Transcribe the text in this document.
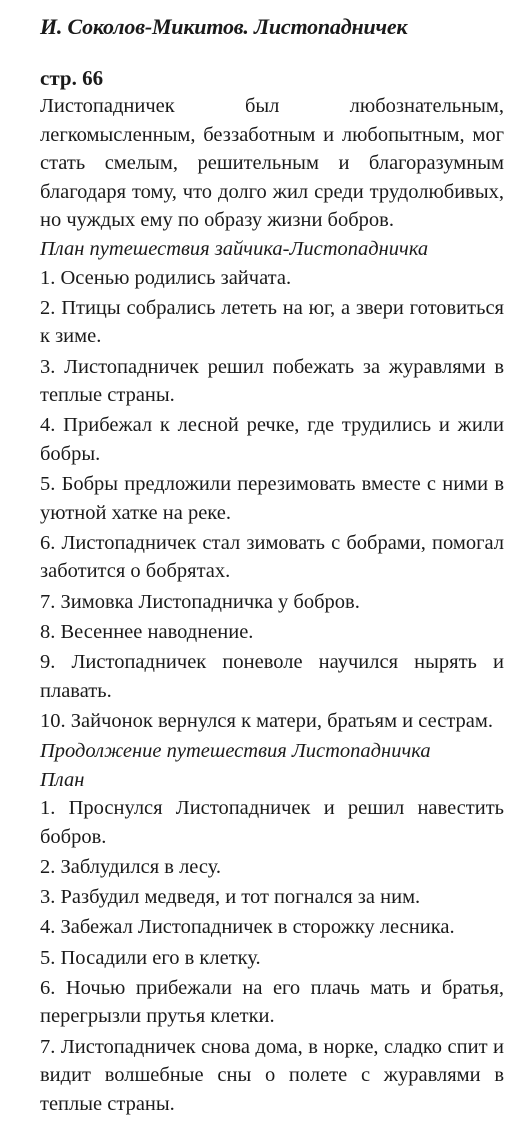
И. Соколов-Микитов. Листопадничек
стр. 66

Листопадничек был любознательным, легкомысленным, беззаботным и любопытным, мог стать смелым, решительным и благоразумным благодаря тому, что долго жил среди трудолюбивых, но чуждых ему по образу жизни бобров.

План путешествия зайчика-Листопадничка
1. Осенью родились зайчата.
2. Птицы собрались лететь на юг, а звери готовиться к зиме.
3. Листопадничек решил побежать за журавлями в теплые страны.
4. Прибежал к лесной речке, где трудились и жили бобры.
5. Бобры предложили перезимовать вместе с ними в уютной хатке на реке.
6. Листопадничек стал зимовать с бобрами, помогал заботится о бобрятах.
7. Зимовка Листопадничка у бобров.
8. Весеннее наводнение.
9. Листопадничек поневоле научился нырять и плавать.
10. Зайчонок вернулся к матери, братьям и сестрам.
Продолжение путешествия Листопадничка
План
1. Проснулся Листопадничек и решил навестить бобров.
2. Заблудился в лесу.
3. Разбудил медведя, и тот погнался за ним.
4. Забежал Листопадничек в сторожку лесника.
5. Посадили его в клетку.
6. Ночью прибежали на его плачь мать и братья, перегрызли прутья клетки.
7. Листопадничек снова дома, в норке, сладко спит и видит волшебные сны о полете с журавлями в теплые страны.
